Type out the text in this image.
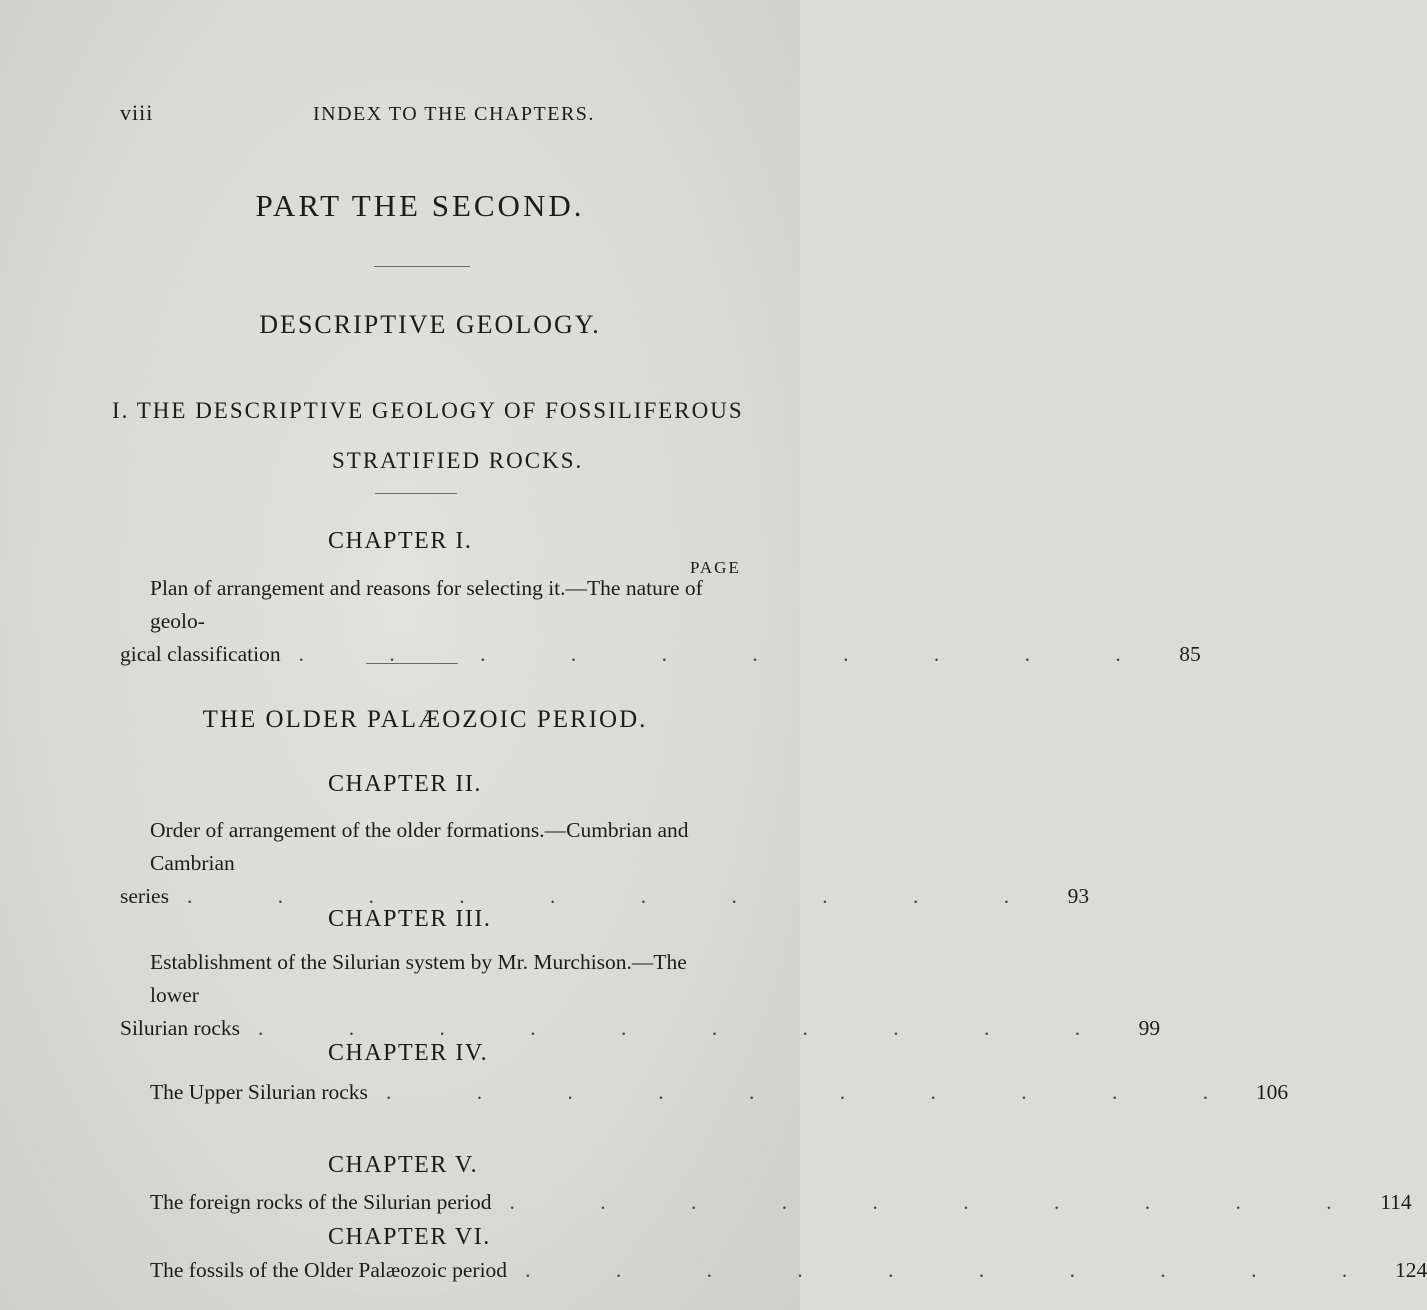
viii	INDEX TO THE CHAPTERS.
PART THE SECOND.
DESCRIPTIVE GEOLOGY.
I. THE DESCRIPTIVE GEOLOGY OF FOSSILIFEROUS
STRATIFIED ROCKS.
CHAPTER I.
PAGE
Plan of arrangement and reasons for selecting it.—The nature of geolo-
gical classification . . . . . . . . . . 85
THE OLDER PALÆOZOIC PERIOD.
CHAPTER II.
Order of arrangement of the older formations.—Cumbrian and Cambrian
series . . . . . . . . . . 93
CHAPTER III.
Establishment of the Silurian system by Mr. Murchison.—The lower
Silurian rocks . . . . . . . . . . 99
CHAPTER IV.
The Upper Silurian rocks . . . . . . . . . . 106
CHAPTER V.
The foreign rocks of the Silurian period . . . . . . . . . . 114
CHAPTER VI.
The fossils of the Older Palæozoic period . . . . . . . . . . 124
